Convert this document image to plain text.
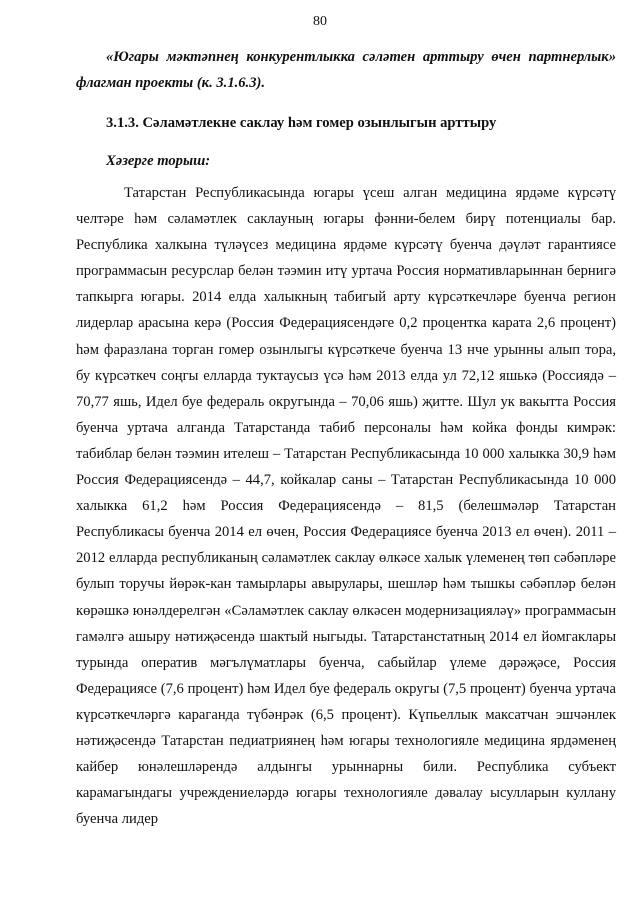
80

«Югары мәктәпнең конкурентлыкка сәләтен арттыру өчен партнерлык» флагман проекты (к. 3.1.6.3).

3.1.3. Сәламәтлекне саклау һәм гомер озынлыгын арттыру
Хәзерге торыш:

Татарстан Республикасында югары үсеш алган медицина ярдәме күрсәтү челтәре һәм сәламәтлек саклауның югары фәнни-белем бирү потенциалы бар. Республика халкына түләүсез медицина ярдәме күрсәтү буенча дәүләт гарантиясе программасын ресурслар белән тәэмин итү уртача Россия нормативларыннан бернигә тапкырга югары. 2014 елда халыкның табигый арту күрсәткечләре буенча регион лидерлар арасына керә (Россия Федерациясендәге 0,2 процентка карата 2,6 процент) һәм фаразлана торган гомер озынлыгы күрсәткече буенча 13 нче урынны алып тора, бу күрсәткеч соңгы елларда туктаусыз үсә һәм 2013 елда ул 72,12 яшькә (Россиядә – 70,77 яшь, Идел буе федераль округында – 70,06 яшь) җитте. Шул ук вакытта Россия буенча уртача алганда Татарстанда табиб персоналы һәм койка фонды кимрәк: табиблар белән тәэмин ителеш – Татарстан Республикасында 10 000 халыкка 30,9 һәм Россия Федерациясендә – 44,7, койкалар саны – Татарстан Республикасында 10 000 халыкка 61,2 һәм Россия Федерациясендә – 81,5 (белешмәләр Татарстан Республикасы буенча 2014 ел өчен, Россия Федерациясе буенча 2013 ел өчен). 2011 – 2012 елларда республиканың сәламәтлек саклау өлкәсе халык үлеменең төп сәбәпләре булып торучы йөрәк-кан тамырлары авырулары, шешләр һәм тышкы сәбәпләр белән көрәшкә юнәлдерелгән «Сәламәтлек саклау өлкәсен модернизацияләү» программасын гамәлгә ашыру нәтиҗәсендә шактый ныгыды. Татарстанстатның 2014 ел йомгаклары турында оператив мәгълүматлары буенча, сабыйлар үлеме дәрәҗәсе, Россия Федерациясе (7,6 процент) һәм Идел буе федераль округы (7,5 процент) буенча уртача күрсәткечләргә караганда түбәнрәк (6,5 процент). Күпьеллык максатчан эшчәнлек нәтиҗәсендә Татарстан педиатриянең һәм югары технологияле медицина ярдәменең кайбер юнәлешләрендә алдынгы урыннарны били. Республика субъект карамагындагы учреждениеләрдә югары технологияле дәвалау ысулларын куллану буенча лидер
